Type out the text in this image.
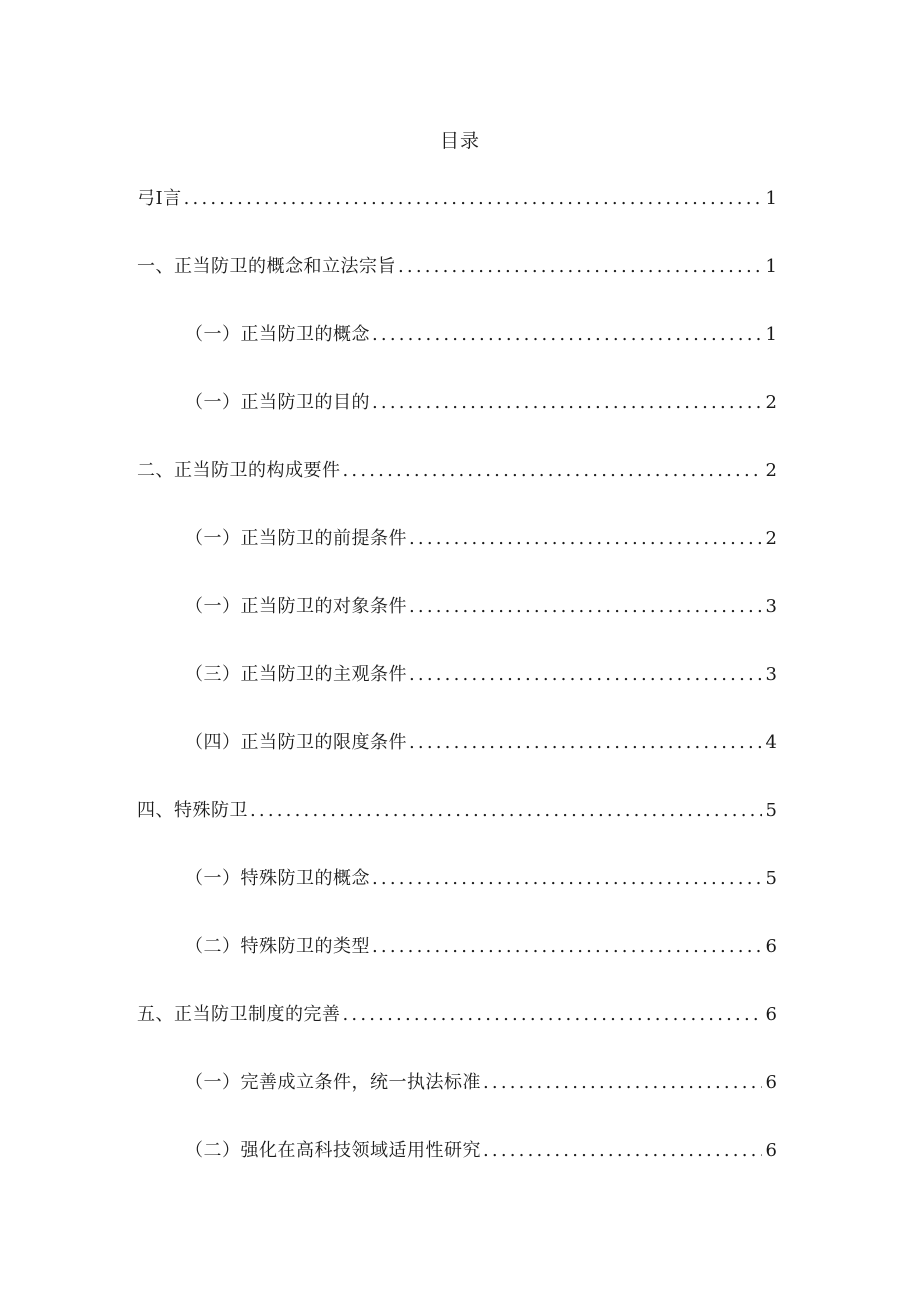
目录
弓I言 .....	1
一、正当防卫的概念和立法宗旨 .....	1
（一）正当防卫的概念 .....	1
（一）正当防卫的目的 .....	2
二、正当防卫的构成要件 .....	2
（一）正当防卫的前提条件 .....	2
（一）正当防卫的对象条件 .....	3
（三）正当防卫的主观条件 .....	3
（四）正当防卫的限度条件 .....	4
四、特殊防卫 .....	5
（一）特殊防卫的概念 .....	5
（二）特殊防卫的类型 .....	6
五、正当防卫制度的完善 .....	6
（一）完善成立条件，统一执法标准 .....	6
（二）强化在高科技领域适用性研究 .....	6
